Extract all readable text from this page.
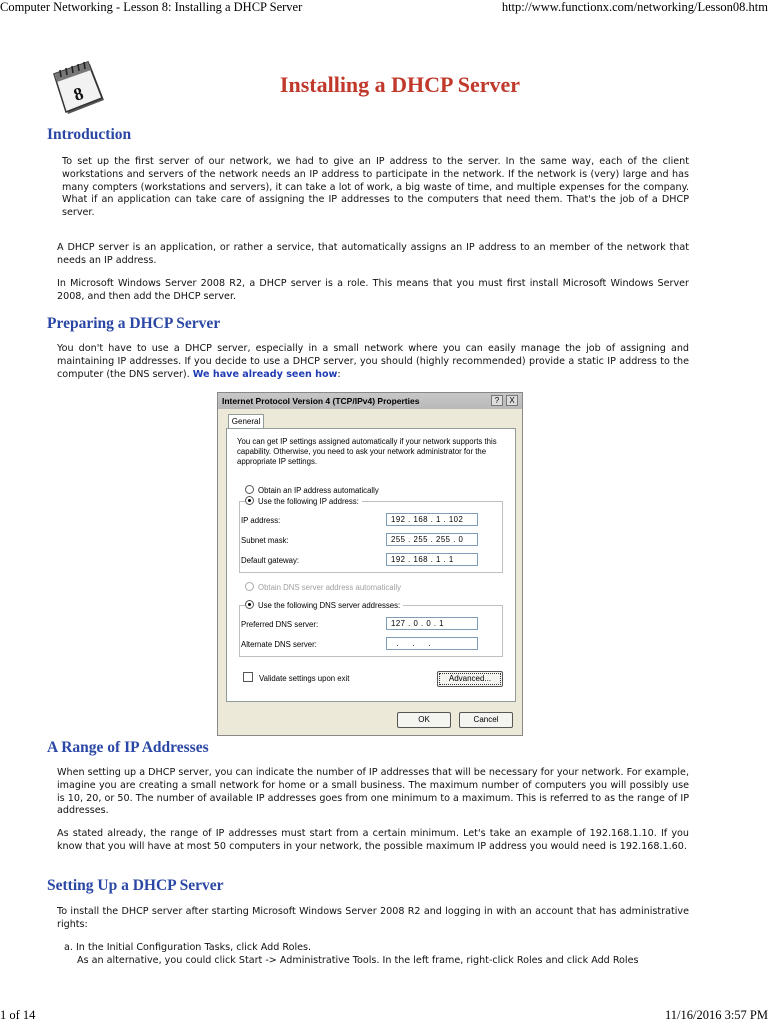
Computer Networking - Lesson 8: Installing a DHCP Server	http://www.functionx.com/networking/Lesson08.htm
8	Installing a DHCP Server
Introduction

To set up the first server of our network, we had to give an IP address to the server. In the same way, each of the client workstations and servers of the network needs an IP address to participate in the network. If the network is (very) large and has many compters (workstations and servers), it can take a lot of work, a big waste of time, and multiple expenses for the company. What if an application can take care of assigning the IP addresses to the computers that need them. That's the job of a DHCP server.

A DHCP server is an application, or rather a service, that automatically assigns an IP address to an member of the network that needs an IP address.

In Microsoft Windows Server 2008 R2, a DHCP server is a role. This means that you must first install Microsoft Windows Server 2008, and then add the DHCP server.

Preparing a DHCP Server

You don't have to use a DHCP server, especially in a small network where you can easily manage the job of assigning and maintaining IP addresses. If you decide to use a DHCP server, you should (highly recommended) provide a static IP address to the computer (the DNS server). We have already seen how:

Internet Protocol Version 4 (TCP/IPv4) Properties	?	X
General
You can get IP settings assigned automatically if your network supports this capability. Otherwise, you need to ask your network administrator for the appropriate IP settings.
Obtain an IP address automatically
Use the following IP address:
IP address:	192 . 168 . 1 . 102
Subnet mask:	255 . 255 . 255 . 0
Default gateway:	192 . 168 . 1 . 1
Obtain DNS server address automatically
Use the following DNS server addresses:
Preferred DNS server:	127 . 0 . 0 . 1
Alternate DNS server:	.     .     .
Validate settings upon exit	Advanced...
OK	Cancel
A Range of IP Addresses

When setting up a DHCP server, you can indicate the number of IP addresses that will be necessary for your network. For example, imagine you are creating a small network for home or a small business. The maximum number of computers you will possibly use is 10, 20, or 50. The number of available IP addresses goes from one minimum to a maximum. This is referred to as the range of IP addresses.

As stated already, the range of IP addresses must start from a certain minimum. Let's take an example of 192.168.1.10. If you know that you will have at most 50 computers in your network, the possible maximum IP address you would need is 192.168.1.60.

Setting Up a DHCP Server

To install the DHCP server after starting Microsoft Windows Server 2008 R2 and logging in with an account that has administrative rights:

a. In the Initial Configuration Tasks, click Add Roles.
As an alternative, you could click Start -> Administrative Tools. In the left frame, right-click Roles and click Add Roles
1 of 14	11/16/2016 3:57 PM
